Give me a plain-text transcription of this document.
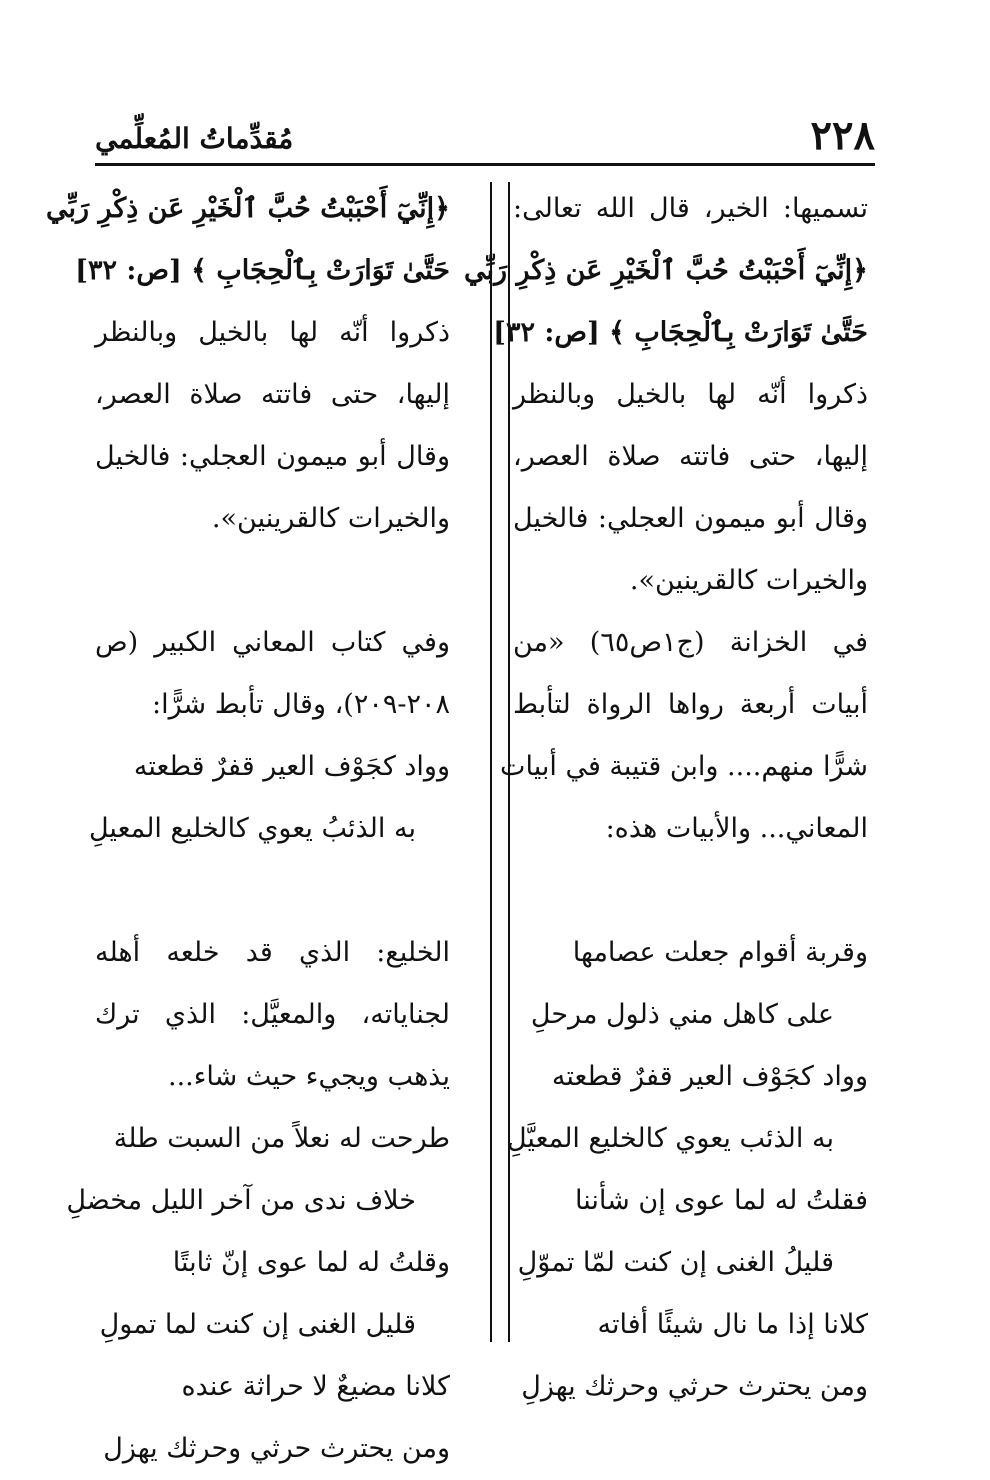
٢٢٨
مُقدِّماتُ المُعلِّمي
تسميها: الخير، قال الله تعالى:
﴿إِنِّيٓ أَحْبَبْتُ حُبَّ ٱلْخَيْرِ عَن ذِكْرِ رَبِّي
حَتَّىٰ تَوَارَتْ بِٱلْحِجَابِ ﴾ [ص: ٣٢]
ذكروا أنّه لها بالخيل وبالنظر
إليها، حتى فاتته صلاة العصر،
وقال أبو ميمون العجلي: فالخيل
والخيرات كالقرينين».
في الخزانة (ج١ص٦٥) «من
أبيات أربعة رواها الرواة لتأبط
شرًّا منهم.... وابن قتيبة في أبيات
المعاني... والأبيات هذه:
وقربة أقوام جعلت عصامها
على كاهل مني ذلول مرحلِ
وواد كجَوْف العير قفرٌ قطعته
به الذئب يعوي كالخليع المعيَّلِ
فقلتُ له لما عوى إن شأننا
قليلُ الغنى إن كنت لمّا تموّلِ
كلانا إذا ما نال شيئًا أفاته
ومن يحترث حرثي وحرثك يهزلِ
﴿إِنِّيٓ أَحْبَبْتُ حُبَّ ٱلْخَيْرِ عَن ذِكْرِ رَبِّي
حَتَّىٰ تَوَارَتْ بِٱلْحِجَابِ ﴾ [ص: ٣٢]
ذكروا أنّه لها بالخيل وبالنظر
إليها، حتى فاتته صلاة العصر،
وقال أبو ميمون العجلي: فالخيل
والخيرات كالقرينين».
وفي كتاب المعاني الكبير (ص
٢٠٨-٢٠٩)، وقال تأبط شرًّا:
وواد كجَوْف العير قفرٌ قطعته
به الذئبُ يعوي كالخليع المعيلِ
الخليع: الذي قد خلعه أهله
لجناياته، والمعيَّل: الذي ترك
يذهب ويجيء حيث شاء...
طرحت له نعلاً من السبت طلة
خلاف ندى من آخر الليل مخضلِ
وقلتُ له لما عوى إنّ ثابتًا
قليل الغنى إن كنت لما تمولِ
كلانا مضيعٌ لا حراثة عنده
ومن يحترث حرثي وحرثك يهزل
